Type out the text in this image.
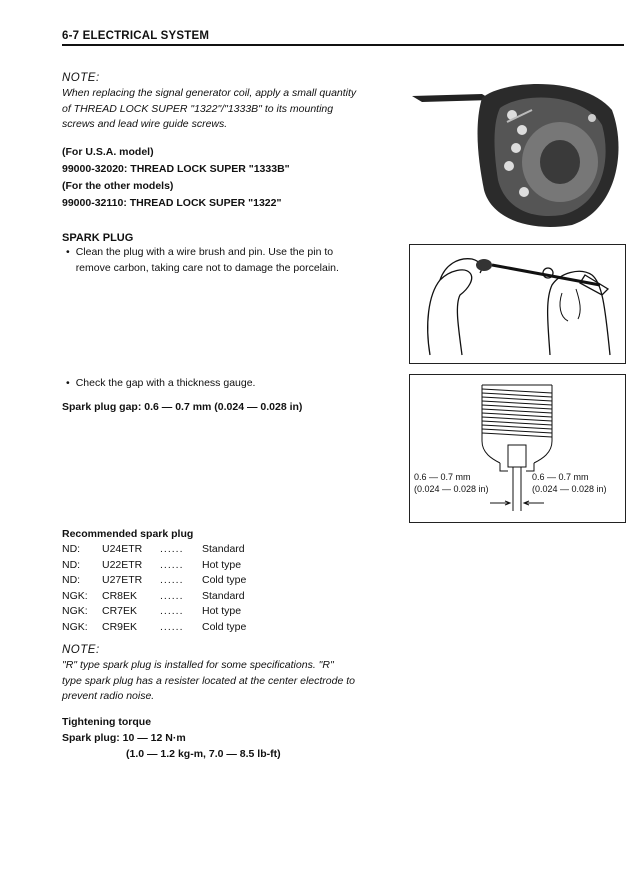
6-7 ELECTRICAL SYSTEM
NOTE:
When replacing the signal generator coil, apply a small quantity
of THREAD LOCK SUPER "1322"/"1333B" to its mounting
screws and lead wire guide screws.
(For U.S.A. model)
99000-32020: THREAD LOCK SUPER "1333B"
(For the other models)
99000-32110: THREAD LOCK SUPER "1322"
SPARK PLUG
• Clean the plug with a wire brush and pin. Use the pin to
remove carbon, taking care not to damage the porcelain.
• Check the gap with a thickness gauge.
Spark plug gap: 0.6 — 0.7 mm (0.024 — 0.028 in)
0.6 — 0.7 mm
(0.024 — 0.028 in)
0.6 — 0.7 mm
(0.024 — 0.028 in)
Recommended spark plug
ND:	U24ETR	......	Standard
ND:	U22ETR	......	Hot type
ND:	U27ETR	......	Cold type
NGK:	CR8EK	......	Standard
NGK:	CR7EK	......	Hot type
NGK:	CR9EK	......	Cold type
NOTE:
"R" type spark plug is installed for some specifications. "R"
type spark plug has a resister located at the center electrode to
prevent radio noise.
Tightening torque
Spark plug: 10 — 12 N·m
(1.0 — 1.2 kg-m, 7.0 — 8.5 lb-ft)
